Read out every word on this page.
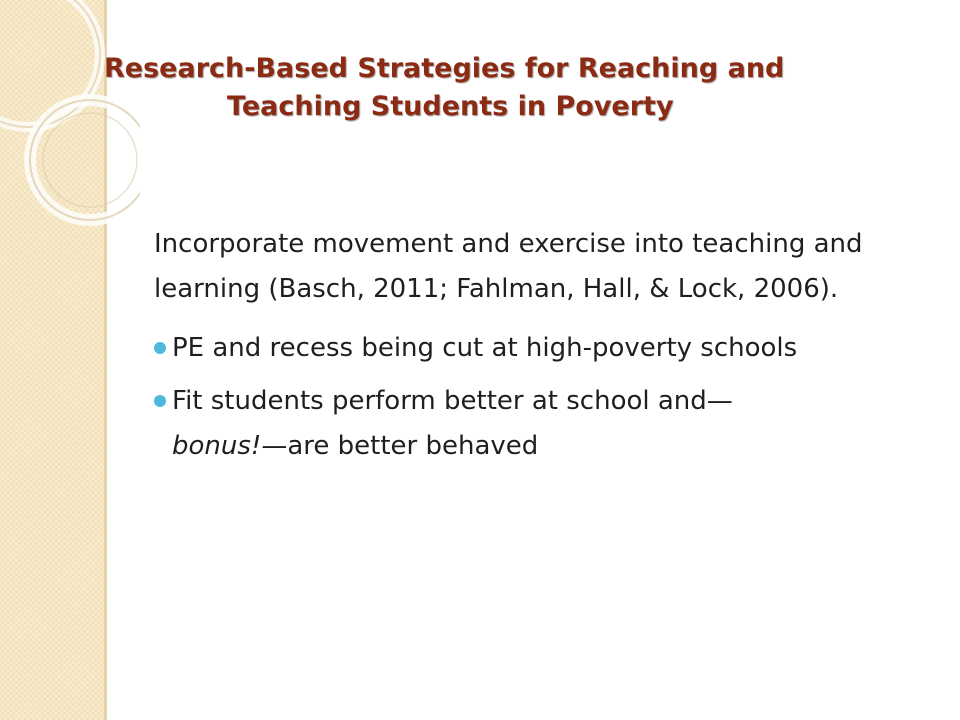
Research-Based Strategies for Reaching and
Teaching Students in Poverty

Incorporate movement and exercise into teaching and learning (Basch, 2011; Fahlman, Hall, & Lock, 2006).

PE and recess being cut at high-poverty schools
Fit students perform better at school and—
bonus!—are better behaved
